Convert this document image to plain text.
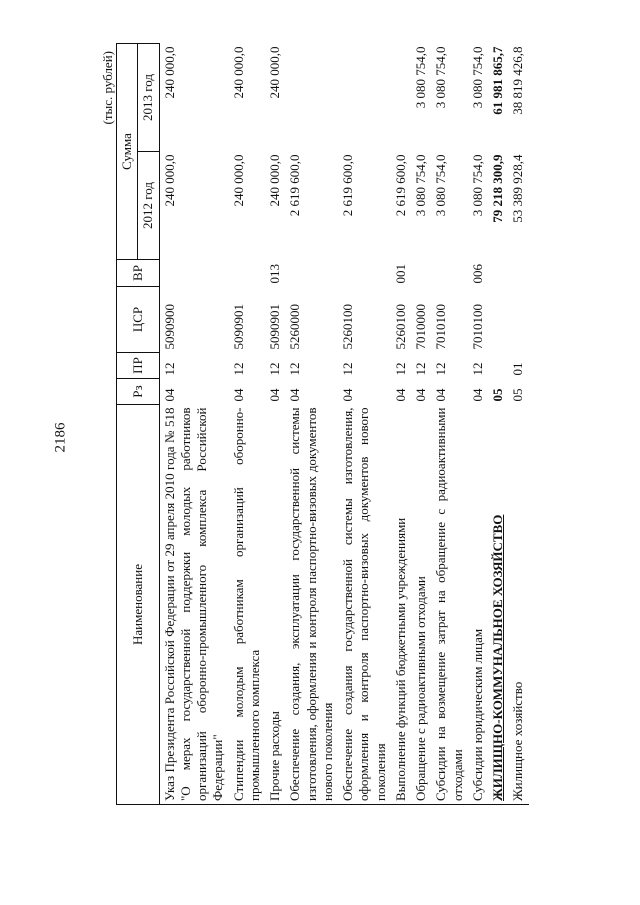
2186
(тыс. рублей)
Наименование	Рз	ПР	ЦСР	ВР	Сумма	
					2012 год	2013 год
Указ Президента Российской Федерации от 29 апреля 2010 года № 518 "О мерах государственной поддержки молодых работников организаций оборонно-промышленного комплекса Российской Федерации"	04	12	5090900		240 000,0	240 000,0
Стипендии молодым работникам организаций оборонно-промышленного комплекса	04	12	5090901		240 000,0	240 000,0
Прочие расходы	04	12	5090901	013	240 000,0	240 000,0
Обеспечение создания, эксплуатации государственной системы изготовления, оформления и контроля паспортно-визовых документов нового поколения	04	12	5260000		2 619 600,0	
Обеспечение создания государственной системы изготовления, оформления и контроля паспортно-визовых документов нового поколения	04	12	5260100		2 619 600,0	
Выполнение функций бюджетными учреждениями	04	12	5260100	001	2 619 600,0	
Обращение с радиоактивными отходами	04	12	7010000		3 080 754,0	3 080 754,0
Субсидии на возмещение затрат на обращение с радиоактивными отходами	04	12	7010100		3 080 754,0	3 080 754,0
Субсидии юридическим лицам	04	12	7010100	006	3 080 754,0	3 080 754,0
ЖИЛИЩНО-КОММУНАЛЬНОЕ ХОЗЯЙСТВО	05				79 218 300,9	61 981 865,7
Жилищное хозяйство	05	01			53 389 928,4	38 819 426,8
